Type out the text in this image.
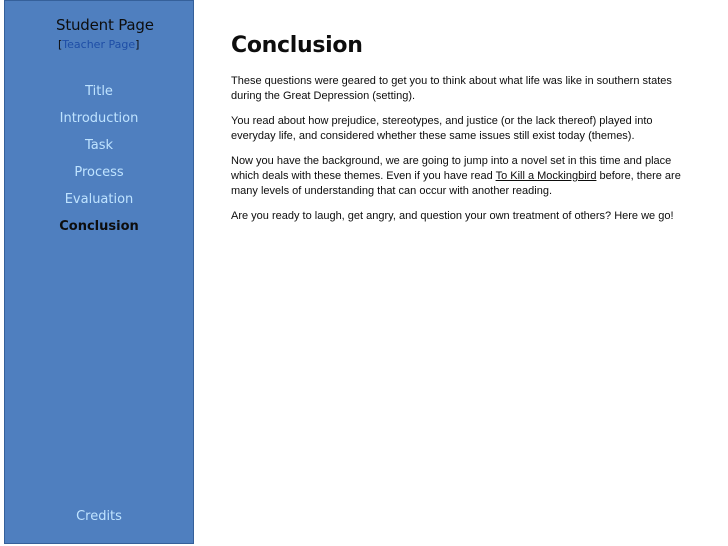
Student Page
[Teacher Page]
Title
Introduction
Task
Process
Evaluation
Conclusion
Credits
Conclusion

These questions were geared to get you to think about what life was like in southern states during the Great Depression (setting).

You read about how prejudice, stereotypes, and justice (or the lack thereof) played into everyday life, and considered whether these same issues still exist today (themes).

Now you have the background, we are going to jump into a novel set in this time and place which deals with these themes. Even if you have read To Kill a Mockingbird before, there are many levels of understanding that can occur with another reading.

Are you ready to laugh, get angry, and question your own treatment of others? Here we go!
